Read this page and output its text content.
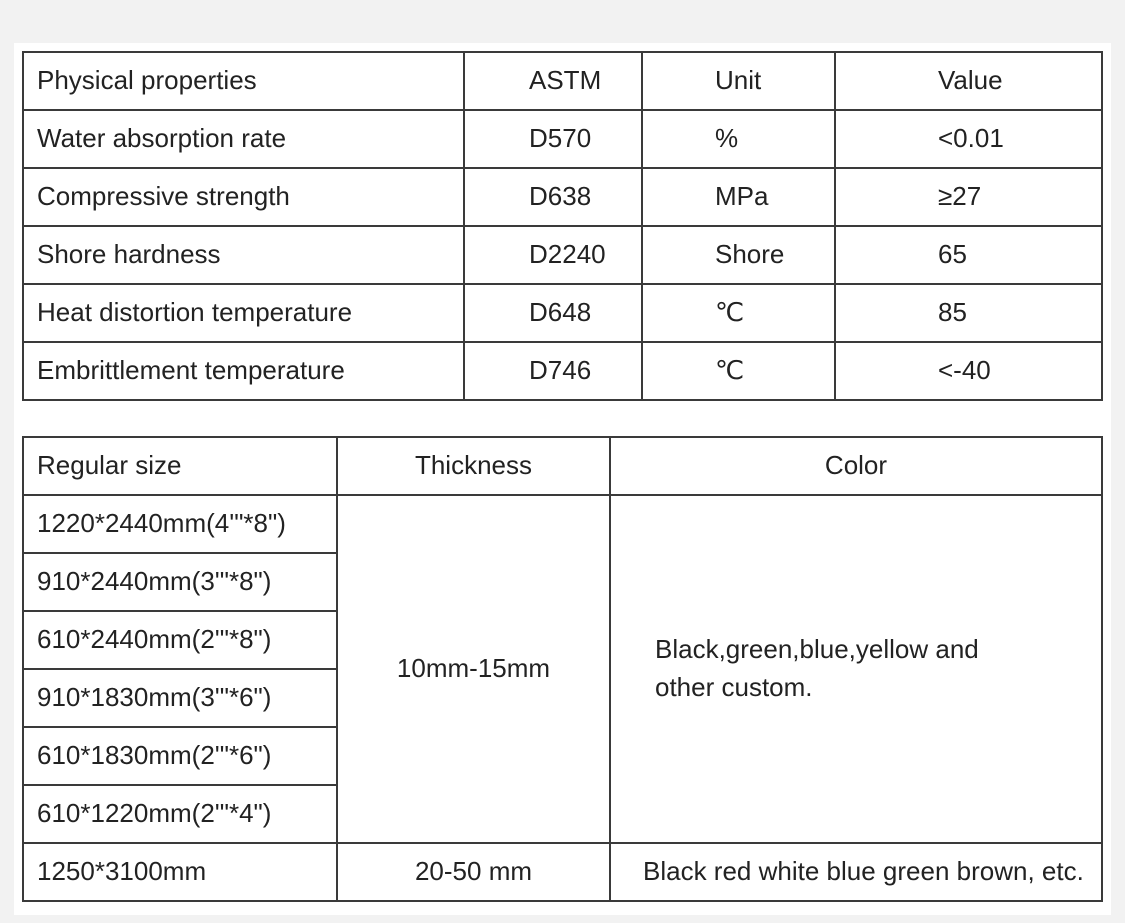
Physical properties	ASTM	Unit	Value
Water absorption rate	D570	%	<0.01
Compressive strength	D638	MPa	≥27
Shore hardness	D2240	Shore	65
Heat distortion temperature	D648	℃	85
Embrittlement temperature	D746	℃	<-40
Regular size	Thickness	Color
1220*2440mm(4'"*8")	10mm-15mm	Black,green,blue,yellow and other custom.

910*2440mm(3'"*8")		
610*2440mm(2'"*8")		
910*1830mm(3'"*6")		
610*1830mm(2'"*6")		
610*1220mm(2'"*4")		
1250*3100mm	20-50 mm	Black red white blue green brown, etc.
